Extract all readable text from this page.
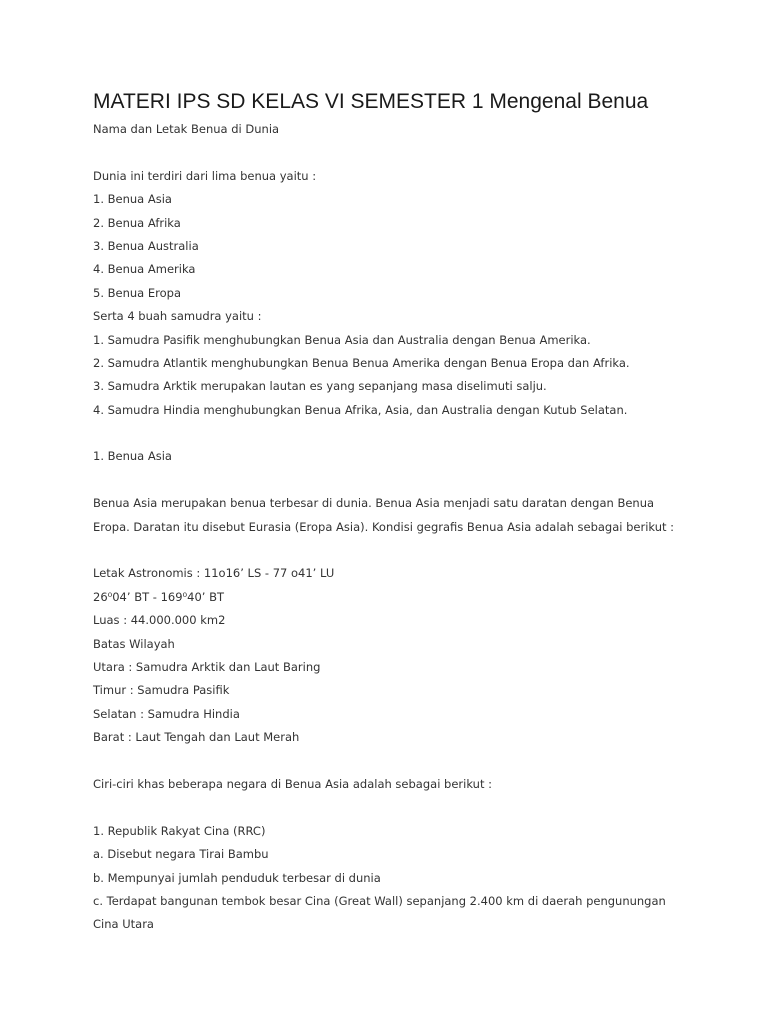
MATERI IPS SD KELAS VI SEMESTER 1 Mengenal Benua
Nama dan Letak Benua di Dunia
Dunia ini terdiri dari lima benua yaitu :
1. Benua Asia
2. Benua Afrika
3. Benua Australia
4. Benua Amerika
5. Benua Eropa
Serta 4 buah samudra yaitu :
1. Samudra Pasifik menghubungkan Benua Asia dan Australia dengan Benua Amerika.
2. Samudra Atlantik menghubungkan Benua Benua Amerika dengan Benua Eropa dan Afrika.
3. Samudra Arktik merupakan lautan es yang sepanjang masa diselimuti salju.
4. Samudra Hindia menghubungkan Benua Afrika, Asia, dan Australia dengan Kutub Selatan.
1. Benua Asia
Benua Asia merupakan benua terbesar di dunia. Benua Asia menjadi satu daratan dengan Benua
Eropa. Daratan itu disebut Eurasia (Eropa Asia). Kondisi gegrafis Benua Asia adalah sebagai berikut :
Letak Astronomis : 11o16’ LS - 77 o41’ LU
26⁰04’ BT - 169⁰40’ BT
Luas : 44.000.000 km2
Batas Wilayah
Utara : Samudra Arktik dan Laut Baring
Timur : Samudra Pasifik
Selatan : Samudra Hindia
Barat : Laut Tengah dan Laut Merah
Ciri-ciri khas beberapa negara di Benua Asia adalah sebagai berikut :
1. Republik Rakyat Cina (RRC)
a. Disebut negara Tirai Bambu
b. Mempunyai jumlah penduduk terbesar di dunia
c. Terdapat bangunan tembok besar Cina (Great Wall) sepanjang 2.400 km di daerah pengunungan
Cina Utara
